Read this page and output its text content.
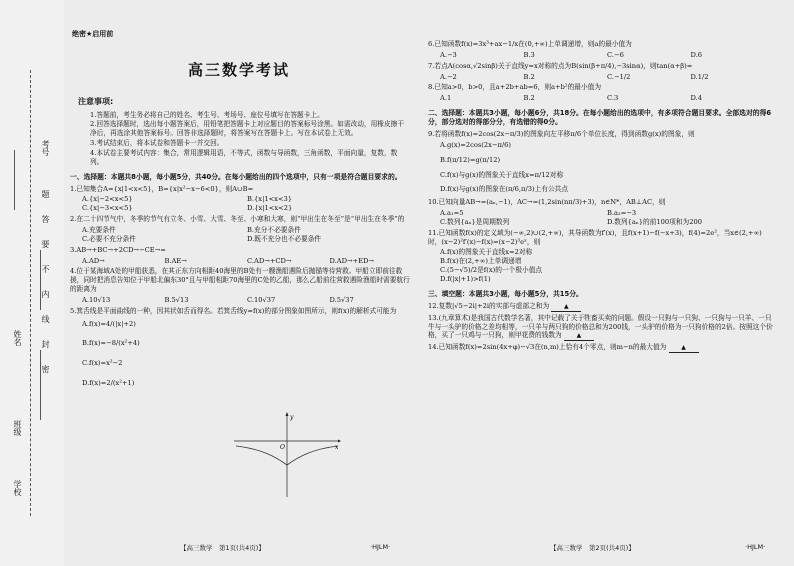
考号
姓名
班级
学校
题
答
要
不
内
线
封
密
绝密★启用前
高三数学考试
注意事项:
1.答题前，考生务必将自己的姓名、考生号、考场号、座位号填写在答题卡上。
2.回答选择题时，选出每小题答案后，用铅笔把答题卡上对应题目的答案标号涂黑。如需改动，用橡皮擦干净后，再选涂其他答案标号。回答非选择题时，将答案写在答题卡上。写在本试卷上无效。
3.考试结束后，将本试卷和答题卡一并交回。
4.本试卷主要考试内容：集合，常用逻辑用语，不等式，函数与导函数，三角函数，平面向量，复数，数列。
一、选择题：本题共8小题，每小题5分，共40分。在每小题给出的四个选项中，只有一项是符合题目要求的。
1.已知集合A={x|1<x<5}，B={x|x²−x−6<0}，则A∪B=
A.{x|−2<x<5}	B.{x|1<x<3}
C.{x|−3<x<5}	D.{x|1<x<2}
2.在二十四节气中，冬季的节气有立冬、小雪、大雪、冬至、小寒和大寒，则“甲出生在冬至”是“甲出生在冬季”的
A.充要条件	B.充分不必要条件
C.必要不充分条件	D.既不充分也不必要条件
3.AB→+BC→+2CD→−CE→=
A.AD→	B.AE→	C.AD→+CD→	D.AD→+ED→
4.位于某海域A处的甲船获悉，在其正东方向相距40海里的B处有一艘渔船遇险后抛锚等待营救。甲船立即前往救援，同时把消息告知位于甲船北偏东30°且与甲船相距70海里的C处的乙船，那么乙船前往营救遇险渔船时需要航行的距离为
A.10√13	B.5√13	C.10√37	D.5√37
5.箕舌线是平面曲线的一种，因其状如舌而得名。若箕舌线y=f(x)的部分图象如图所示，则f(x)的解析式可能为
A.f(x)=4/(|x|+2)
B.f(x)=−8/(x²+4)
C.f(x)=x²−2
D.f(x)=2/(x²+1)
y
x
O
【高三数学　第1页(共4页)】	·HJLM·
6.已知函数f(x)=3x³+ax−1/x在(0,+∞)上单调递增，则a的最小值为
A.−3	B.3	C.−6	D.6
7.若点A(cosα,√2sinβ)关于直线y=x对称的点为B(sin(β+π/4),−3sinα)，则tan(α+β)=
A.−2	B.2	C.−1/2	D.1/2
8.已知a>0，b>0，且a+2b+ab=6，则a+b²的最小值为
A.1	B.2	C.3	D.4
二、选择题：本题共3小题，每小题6分，共18分。在每小题给出的选项中，有多项符合题目要求。全部选对的得6分，部分选对的得部分分，有选错的得0分。
9.若将函数f(x)=2cos(2x−π/3)的图象向左平移π/6个单位长度，得到函数g(x)的图象，则
A.g(x)=2cos(2x−π/6)
B.f(π/12)=g(π/12)
C.f(x)与g(x)的图象关于直线x=π/12对称
D.f(x)与g(x)的图象在(π/6,π/3)上有公共点
10.已知向量AB→=(aₙ,−1)，AC→=(1,2sin(nπ/3)+3)，n∈N*，AB⊥AC，则
A.a₁=5	B.a₂=−3
C.数列{aₙ}是周期数列	D.数列{aₙ}的前100项和为200
11.已知函数f(x)的定义域为(−∞,2)∪(2,+∞)，其导函数为f′(x)，且f(x+1)−f(−x+3)，f(4)=2e²，当x∈(2,+∞)时，(x−2)²f′(x)−f(x)=(x−2)³eˣ，则
A.f(x)的图象关于直线x=2对称
B.f(x)在(2,+∞)上单调递增
C.(5−√5)/2是f(x)的一个极小值点
D.f(|x|+1)>f(1)
三、填空题：本题共3小题，每小题5分，共15分。
12.复数|√5−2i|+2i的实部与虚部之和为 ▲
13.(九章算术)是我国古代数学名著，其中记载了关于牲畜买卖的问题。假设一只狗与一只狗、一只狗与一只羊、一只牛与一头驴的价格之差均相等，一只羊与两只狗的价格总和为200钱，一头驴的价格为一只狗价格的2倍。按照这个价格，买了一只鸡与一只狗，则甲花费的钱数为 ▲
14.已知函数f(x)=2sin(4x+φ)−√3在(n,m)上恰有4个零点，则m−n的最大值为 ▲
【高三数学　第2页(共4页)】	·HJLM·
